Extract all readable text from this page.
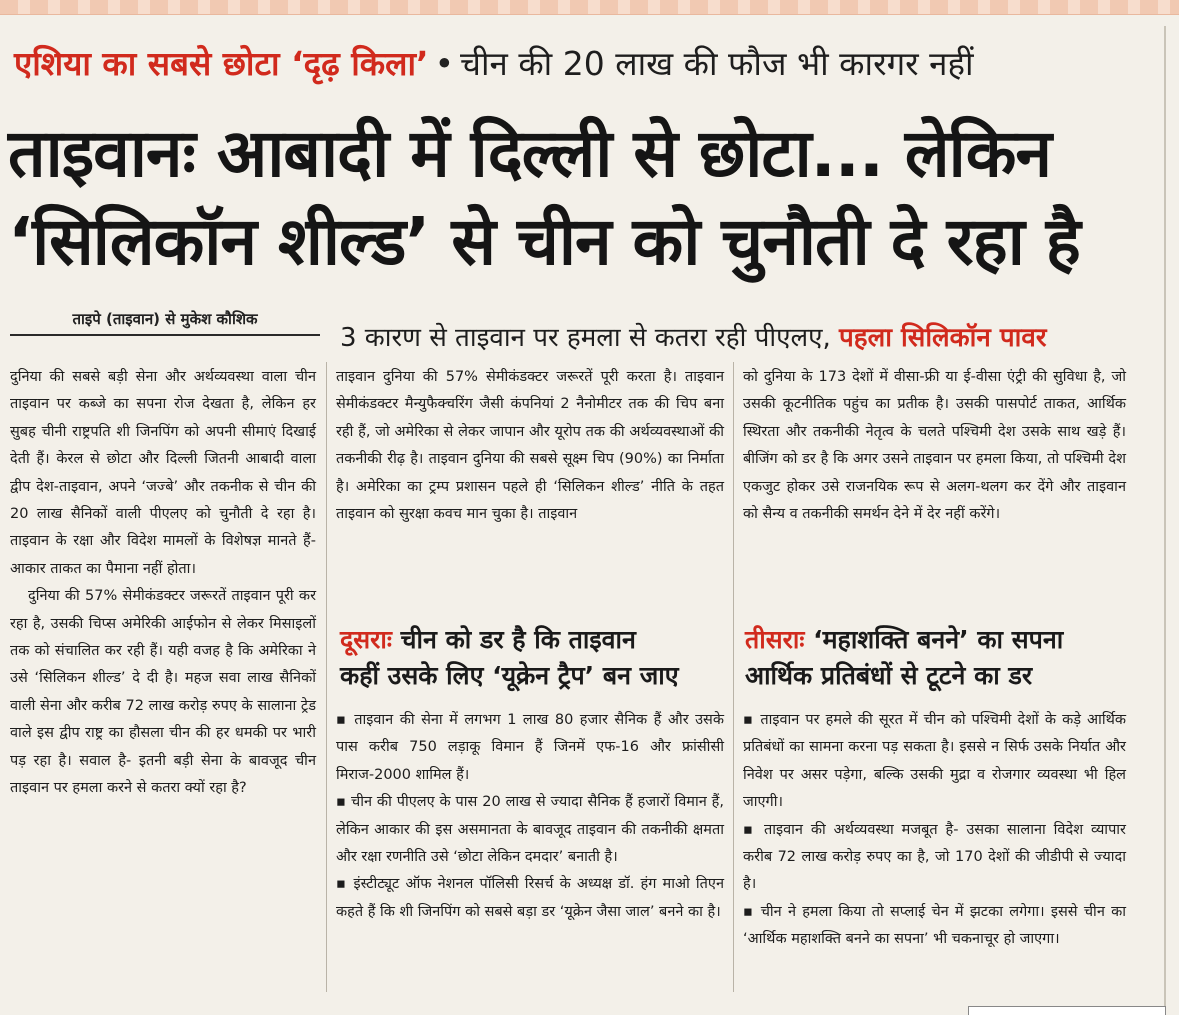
एशिया का सबसे छोटा ‘दृढ़ किला’ • चीन की 20 लाख की फौज भी कारगर नहीं
ताइवानः आबादी में दिल्ली से छोटा... लेकिन
‘सिलिकॉन शील्ड’ से चीन को चुनौती दे रहा है
ताइपे (ताइवान) से मुकेश कौशिक
3 कारण से ताइवान पर हमला से कतरा रही पीएलए, पहला सिलिकॉन पावर

दुनिया की सबसे बड़ी सेना और अर्थव्यवस्था वाला चीन ताइवान पर कब्जे का सपना रोज देखता है, लेकिन हर सुबह चीनी राष्ट्रपति शी जिनपिंग को अपनी सीमाएं दिखाई देती हैं। केरल से छोटा और दिल्ली जितनी आबादी वाला द्वीप देश-ताइवान, अपने ‘जज्बे’ और तकनीक से चीन की 20 लाख सैनिकों वाली पीएलए को चुनौती दे रहा है। ताइवान के रक्षा और विदेश मामलों के विशेषज्ञ मानते हैं- आकार ताकत का पैमाना नहीं होता।

दुनिया की 57% सेमीकंडक्टर जरूरतें ताइवान पूरी कर रहा है, उसकी चिप्स अमेरिकी आईफोन से लेकर मिसाइलों तक को संचालित कर रही हैं। यही वजह है कि अमेरिका ने उसे ‘सिलिकन शील्ड’ दे दी है। महज सवा लाख सैनिकों वाली सेना और करीब 72 लाख करोड़ रुपए के सालाना ट्रेड वाले इस द्वीप राष्ट्र का हौसला चीन की हर धमकी पर भारी पड़ रहा है। सवाल है- इतनी बड़ी सेना के बावजूद चीन ताइवान पर हमला करने से कतरा क्यों रहा है?

ताइवान दुनिया की 57% सेमीकंडक्टर जरूरतें पूरी करता है। ताइवान सेमीकंडक्टर मैन्युफैक्चरिंग जैसी कंपनियां 2 नैनोमीटर तक की चिप बना रही हैं, जो अमेरिका से लेकर जापान और यूरोप तक की अर्थव्यवस्थाओं की तकनीकी रीढ़ है। ताइवान दुनिया की सबसे सूक्ष्म चिप (90%) का निर्माता है। अमेरिका का ट्रम्प प्रशासन पहले ही ‘सिलिकन शील्ड’ नीति के तहत ताइवान को सुरक्षा कवच मान चुका है। ताइवान

दूसराः चीन को डर है कि ताइवान
कहीं उसके लिए ‘यूक्रेन ट्रैप’ बन जाए

▪ ताइवान की सेना में लगभग 1 लाख 80 हजार सैनिक हैं और उसके पास करीब 750 लड़ाकू विमान हैं जिनमें एफ-16 और फ्रांसीसी मिराज-2000 शामिल हैं।

▪ चीन की पीएलए के पास 20 लाख से ज्यादा सैनिक हैं हजारों विमान हैं, लेकिन आकार की इस असमानता के बावजूद ताइवान की तकनीकी क्षमता और रक्षा रणनीति उसे ‘छोटा लेकिन दमदार’ बनाती है।

▪ इंस्टीट्यूट ऑफ नेशनल पॉलिसी रिसर्च के अध्यक्ष डॉ. हंग माओ तिएन कहते हैं कि शी जिनपिंग को सबसे बड़ा डर ‘यूक्रेन जैसा जाल’ बनने का है।

को दुनिया के 173 देशों में वीसा-फ्री या ई-वीसा एंट्री की सुविधा है, जो उसकी कूटनीतिक पहुंच का प्रतीक है। उसकी पासपोर्ट ताकत, आर्थिक स्थिरता और तकनीकी नेतृत्व के चलते पश्चिमी देश उसके साथ खड़े हैं। बीजिंग को डर है कि अगर उसने ताइवान पर हमला किया, तो पश्चिमी देश एकजुट होकर उसे राजनयिक रूप से अलग-थलग कर देंगे और ताइवान को सैन्य व तकनीकी समर्थन देने में देर नहीं करेंगे।

तीसराः ‘महाशक्ति बनने’ का सपना
आर्थिक प्रतिबंधों से टूटने का डर

▪ ताइवान पर हमले की सूरत में चीन को पश्चिमी देशों के कड़े आर्थिक प्रतिबंधों का सामना करना पड़ सकता है। इससे न सिर्फ उसके निर्यात और निवेश पर असर पड़ेगा, बल्कि उसकी मुद्रा व रोजगार व्यवस्था भी हिल जाएगी।

▪ ताइवान की अर्थव्यवस्था मजबूत है- उसका सालाना विदेश व्यापार करीब 72 लाख करोड़ रुपए का है, जो 170 देशों की जीडीपी से ज्यादा है।

▪ चीन ने हमला किया तो सप्लाई चेन में झटका लगेगा। इससे चीन का ‘आर्थिक महाशक्ति बनने का सपना’ भी चकनाचूर हो जाएगा।
